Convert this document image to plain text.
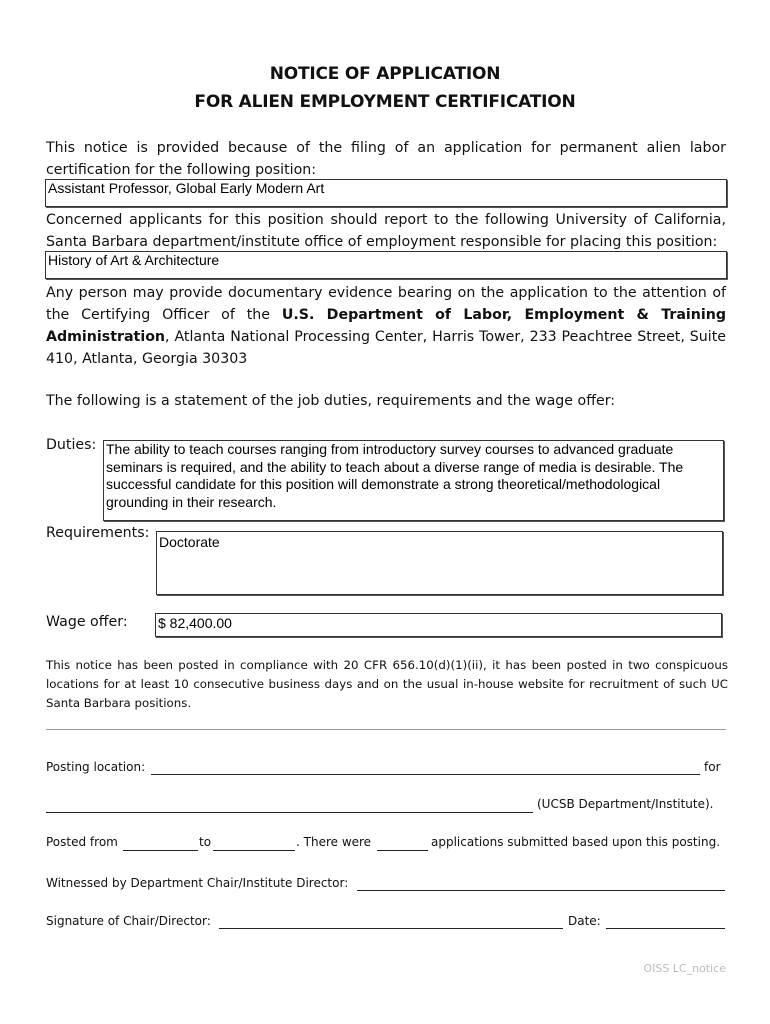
NOTICE OF APPLICATION
FOR ALIEN EMPLOYMENT CERTIFICATION
This notice is provided because of the filing of an application for permanent alien labor certification for the following position:
Assistant Professor, Global Early Modern Art
Concerned applicants for this position should report to the following University of California, Santa Barbara department/institute office of employment responsible for placing this position:
History of Art & Architecture
Any person may provide documentary evidence bearing on the application to the attention of the Certifying Officer of the U.S. Department of Labor, Employment & Training Administration, Atlanta National Processing Center, Harris Tower, 233 Peachtree Street, Suite 410, Atlanta, Georgia 30303
The following is a statement of the job duties, requirements and the wage offer:
Duties: The ability to teach courses ranging from introductory survey courses to advanced graduate seminars is required, and the ability to teach about a diverse range of media is desirable. The successful candidate for this position will demonstrate a strong theoretical/methodological grounding in their research.
Requirements:
Doctorate
Wage offer: $ 82,400.00
This notice has been posted in compliance with 20 CFR 656.10(d)(1)(ii), it has been posted in two conspicuous locations for at least 10 consecutive business days and on the usual in-house website for recruitment of such UC Santa Barbara positions.
Posting location:	for
(UCSB Department/Institute).
Posted from	to	. There were	applications submitted based upon this posting.
Witnessed by Department Chair/Institute Director:
Signature of Chair/Director:	Date:
OISS LC_notice
